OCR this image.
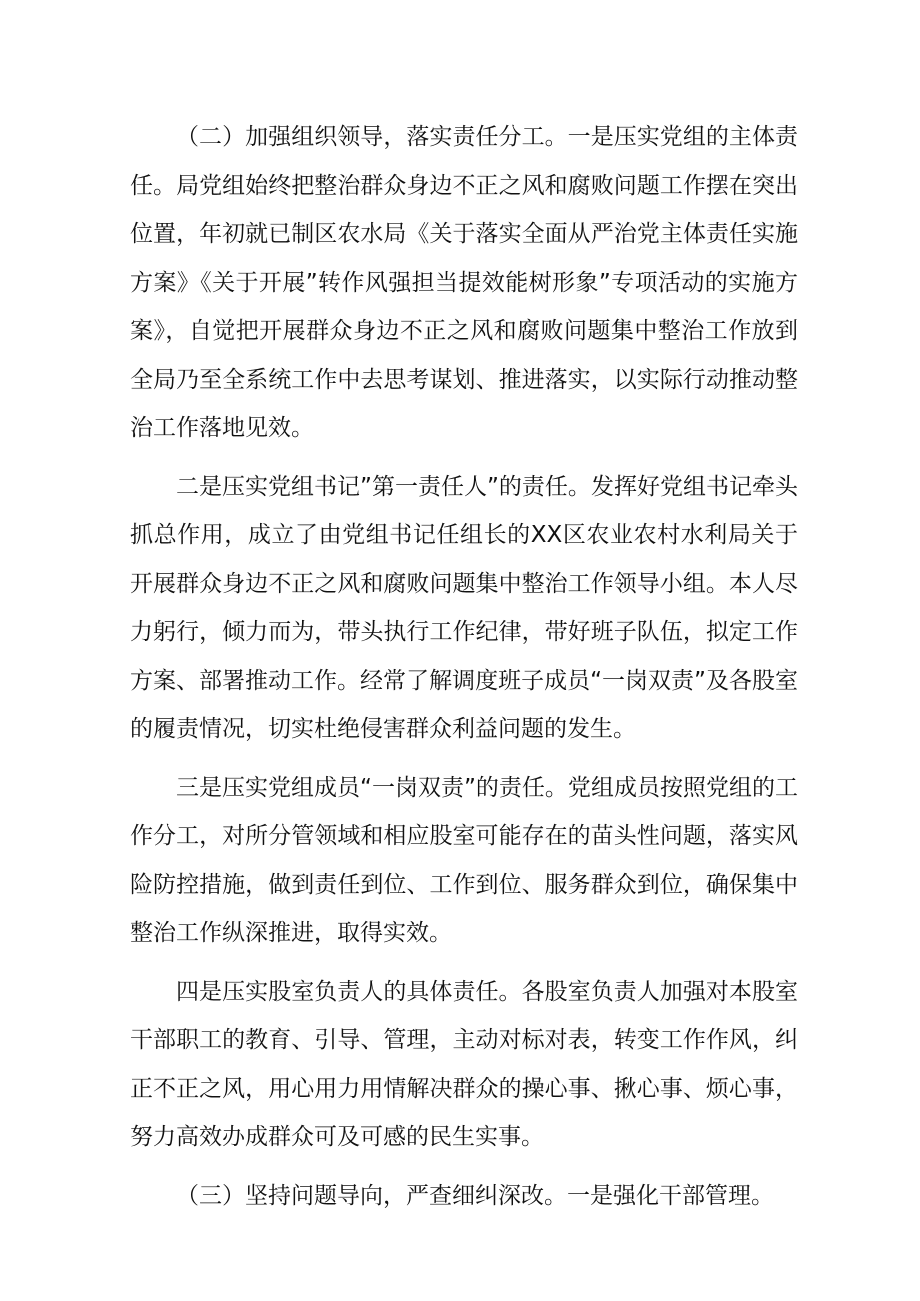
（二）加强组织领导，落实责任分工。一是压实党组的主体责任。局党组始终把整治群众身边不正之风和腐败问题工作摆在突出位置，年初就已制区农水局《关于落实全面从严治党主体责任实施方案》《关于开展”转作风强担当提效能树形象”专项活动的实施方案》，自觉把开展群众身边不正之风和腐败问题集中整治工作放到全局乃至全系统工作中去思考谋划、推进落实，以实际行动推动整治工作落地见效。

二是压实党组书记”第一责任人”的责任。发挥好党组书记牵头抓总作用，成立了由党组书记任组长的XX区农业农村水利局关于开展群众身边不正之风和腐败问题集中整治工作领导小组。本人尽力躬行，倾力而为，带头执行工作纪律，带好班子队伍，拟定工作方案、部署推动工作。经常了解调度班子成员“一岗双责”及各股室的履责情况，切实杜绝侵害群众利益问题的发生。

三是压实党组成员“一岗双责”的责任。党组成员按照党组的工作分工，对所分管领域和相应股室可能存在的苗头性问题，落实风险防控措施，做到责任到位、工作到位、服务群众到位，确保集中整治工作纵深推进，取得实效。

四是压实股室负责人的具体责任。各股室负责人加强对本股室干部职工的教育、引导、管理，主动对标对表，转变工作作风，纠正不正之风，用心用力用情解决群众的操心事、揪心事、烦心事，努力高效办成群众可及可感的民生实事。

（三）坚持问题导向，严查细纠深改。一是强化干部管理。
